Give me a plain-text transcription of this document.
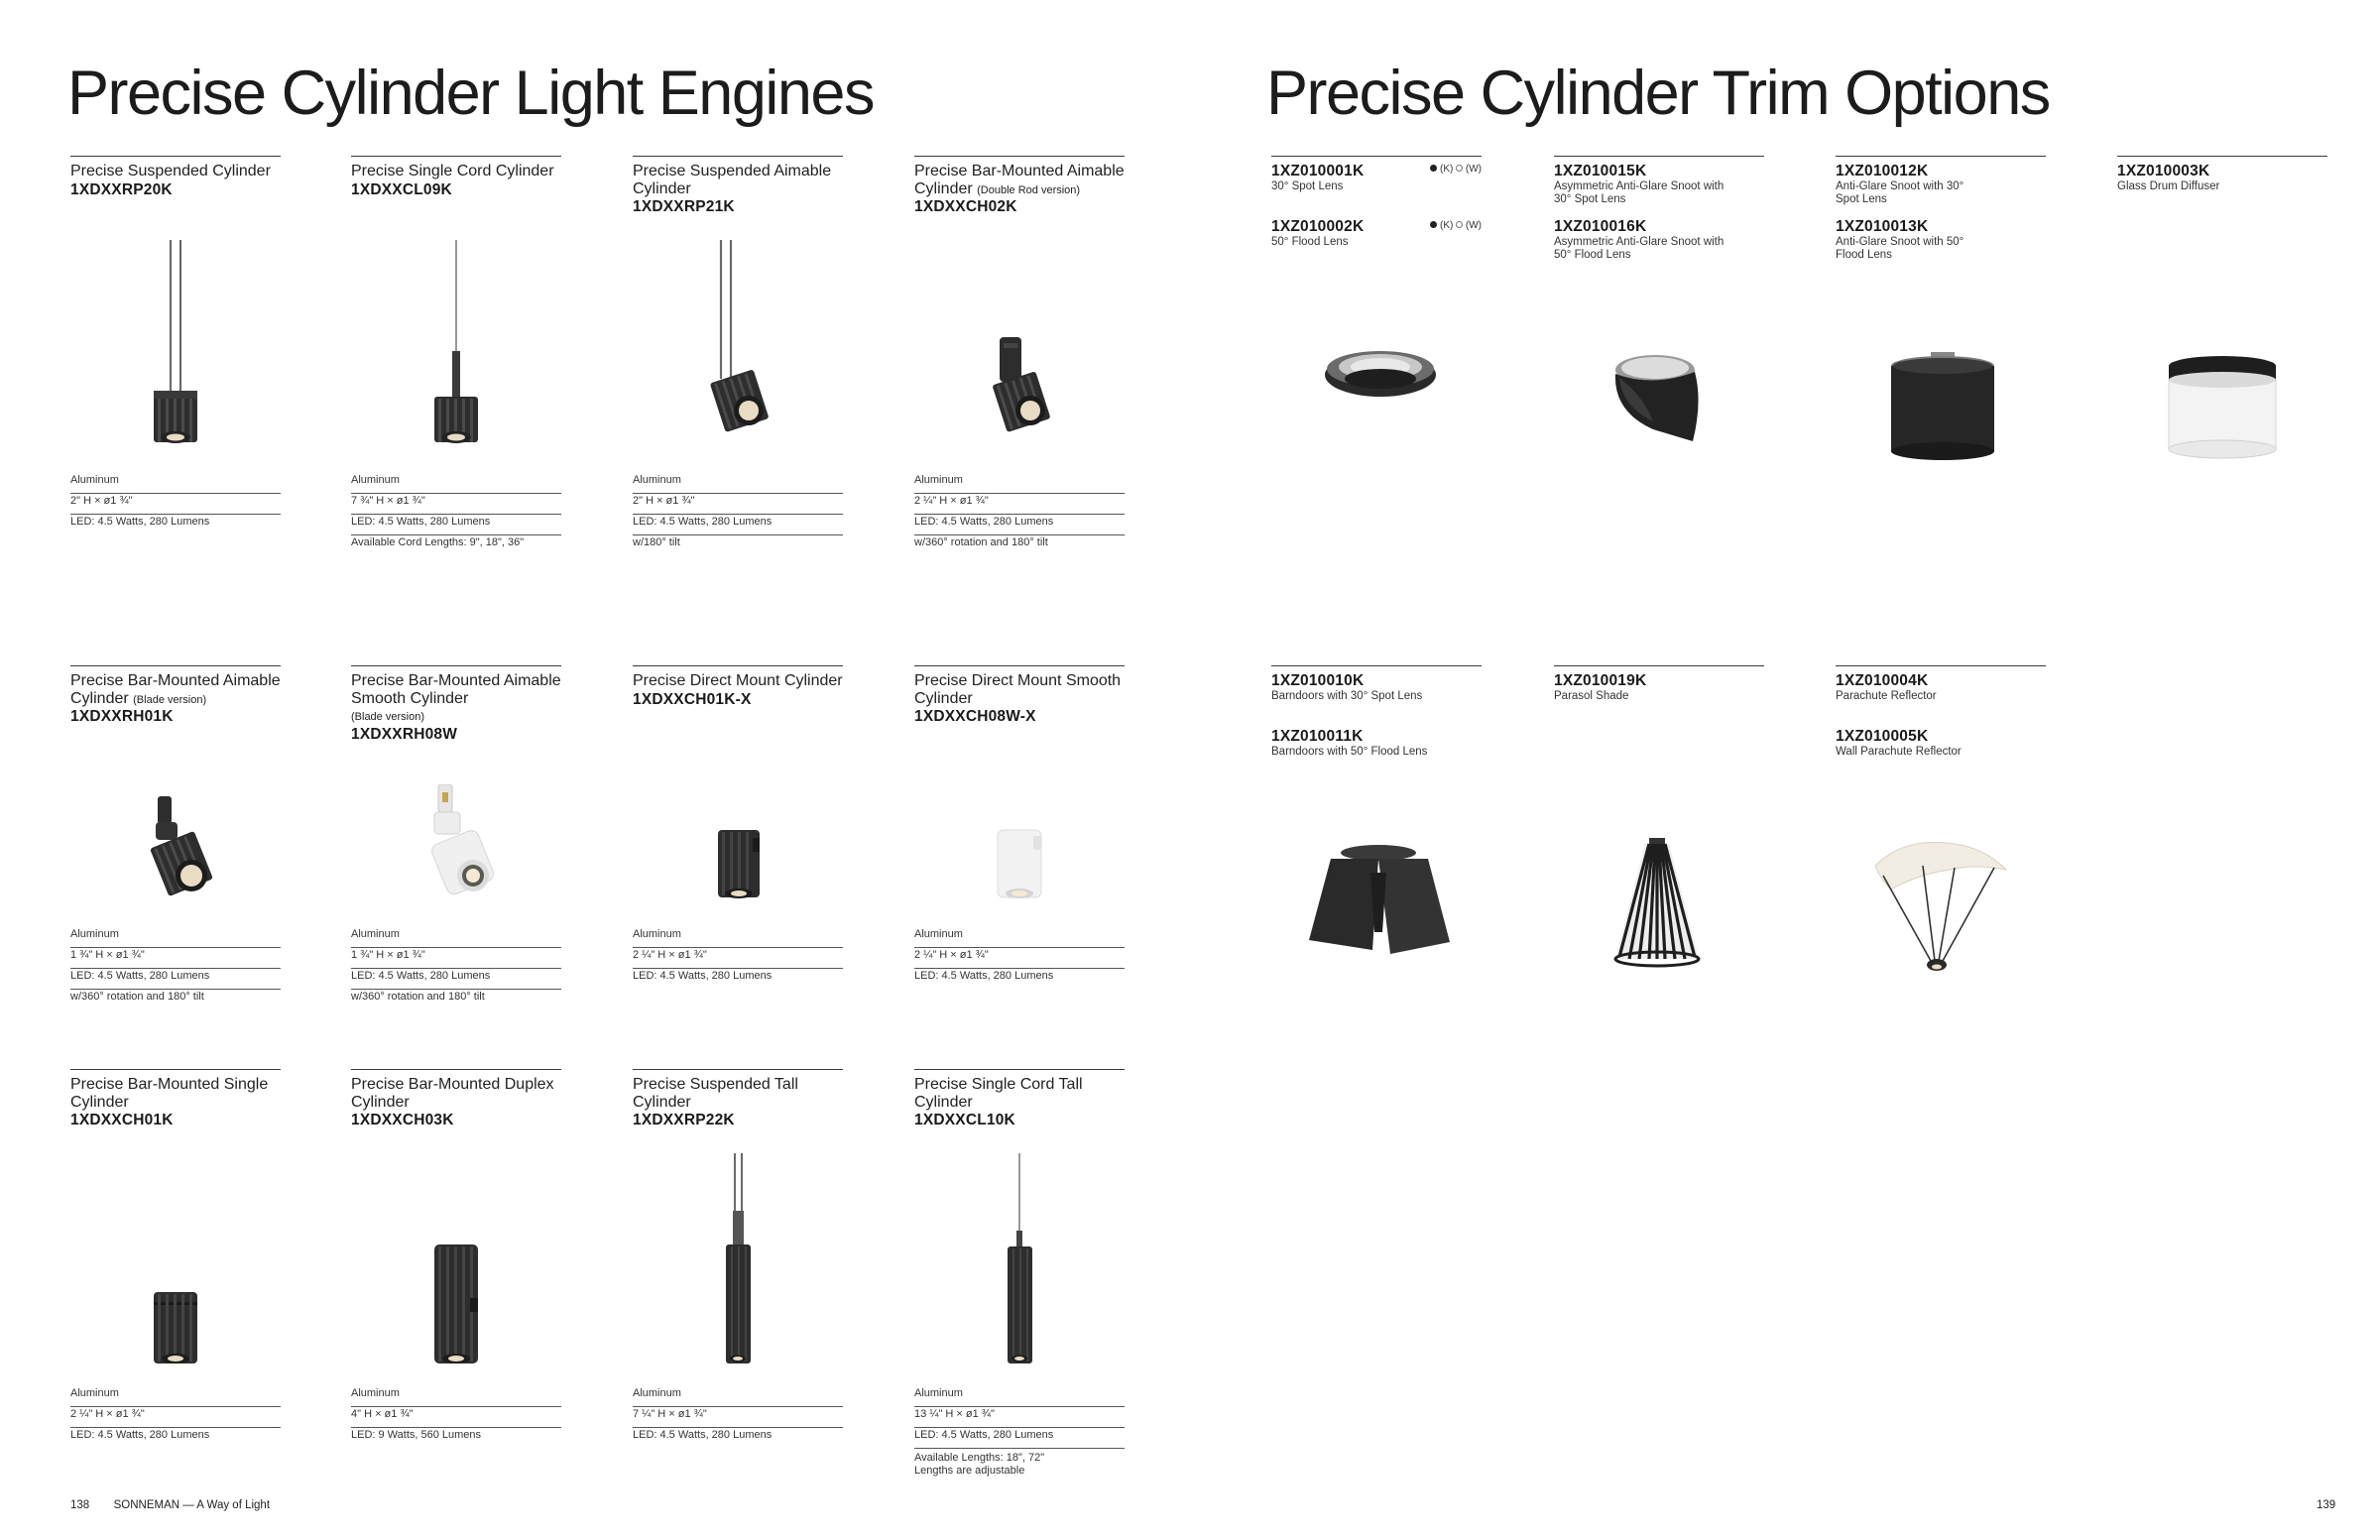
Precise Cylinder Light Engines
Precise Suspended Cylinder
1XDXXRP20K
Aluminum
2" H × ø1 ¾"
LED: 4.5 Watts, 280 Lumens
Precise Single Cord Cylinder
1XDXXCL09K
Aluminum
7 ¾" H × ø1 ¾"
LED: 4.5 Watts, 280 Lumens
Available Cord Lengths: 9", 18", 36"
Precise Suspended Aimable Cylinder
1XDXXRP21K
Aluminum
2" H × ø1 ¾"
LED: 4.5 Watts, 280 Lumens
w/180° tilt
Precise Bar-Mounted Aimable Cylinder (Double Rod version)
1XDXXCH02K
Aluminum
2 ¼" H × ø1 ¾"
LED: 4.5 Watts, 280 Lumens
w/360° rotation and 180° tilt
Precise Bar-Mounted Aimable Cylinder (Blade version)
1XDXXRH01K
Aluminum
1 ¾" H × ø1 ¾"
LED: 4.5 Watts, 280 Lumens
w/360° rotation and 180° tilt
Precise Bar-Mounted Aimable Smooth Cylinder
(Blade version)
1XDXXRH08W
Aluminum
1 ¾" H × ø1 ¾"
LED: 4.5 Watts, 280 Lumens
w/360° rotation and 180° tilt
Precise Direct Mount Cylinder
1XDXXCH01K-X
Aluminum
2 ¼" H × ø1 ¾"
LED: 4.5 Watts, 280 Lumens
Precise Direct Mount Smooth Cylinder
1XDXXCH08W-X
Aluminum
2 ¼" H × ø1 ¾"
LED: 4.5 Watts, 280 Lumens
Precise Bar-Mounted Single Cylinder
1XDXXCH01K
Aluminum
2 ¼" H × ø1 ¾"
LED: 4.5 Watts, 280 Lumens
Precise Bar-Mounted Duplex Cylinder
1XDXXCH03K
Aluminum
4" H × ø1 ¾"
LED: 9 Watts, 560 Lumens
Precise Suspended Tall Cylinder
1XDXXRP22K
Aluminum
7 ¼" H × ø1 ¾"
LED: 4.5 Watts, 280 Lumens
Precise Single Cord Tall Cylinder
1XDXXCL10K
Aluminum
13 ¼" H × ø1 ¾"
LED: 4.5 Watts, 280 Lumens
Available Lengths: 18", 72" Lengths are adjustable
138 SONNEMAN — A Way of Light
Precise Cylinder Trim Options
1XZ010001K	(K) (W)
30° Spot Lens
1XZ010002K	(K) (W)
50° Flood Lens
1XZ010015K
Asymmetric Anti-Glare Snoot with 30° Spot Lens
1XZ010016K
Asymmetric Anti-Glare Snoot with 50° Flood Lens
1XZ010012K
Anti-Glare Snoot with 30° Spot Lens
1XZ010013K
Anti-Glare Snoot with 50° Flood Lens
1XZ010003K
Glass Drum Diffuser
1XZ010010K
Barndoors with 30° Spot Lens
1XZ010011K
Barndoors with 50° Flood Lens
1XZ010019K
Parasol Shade
1XZ010004K
Parachute Reflector
1XZ010005K
Wall Parachute Reflector
139
